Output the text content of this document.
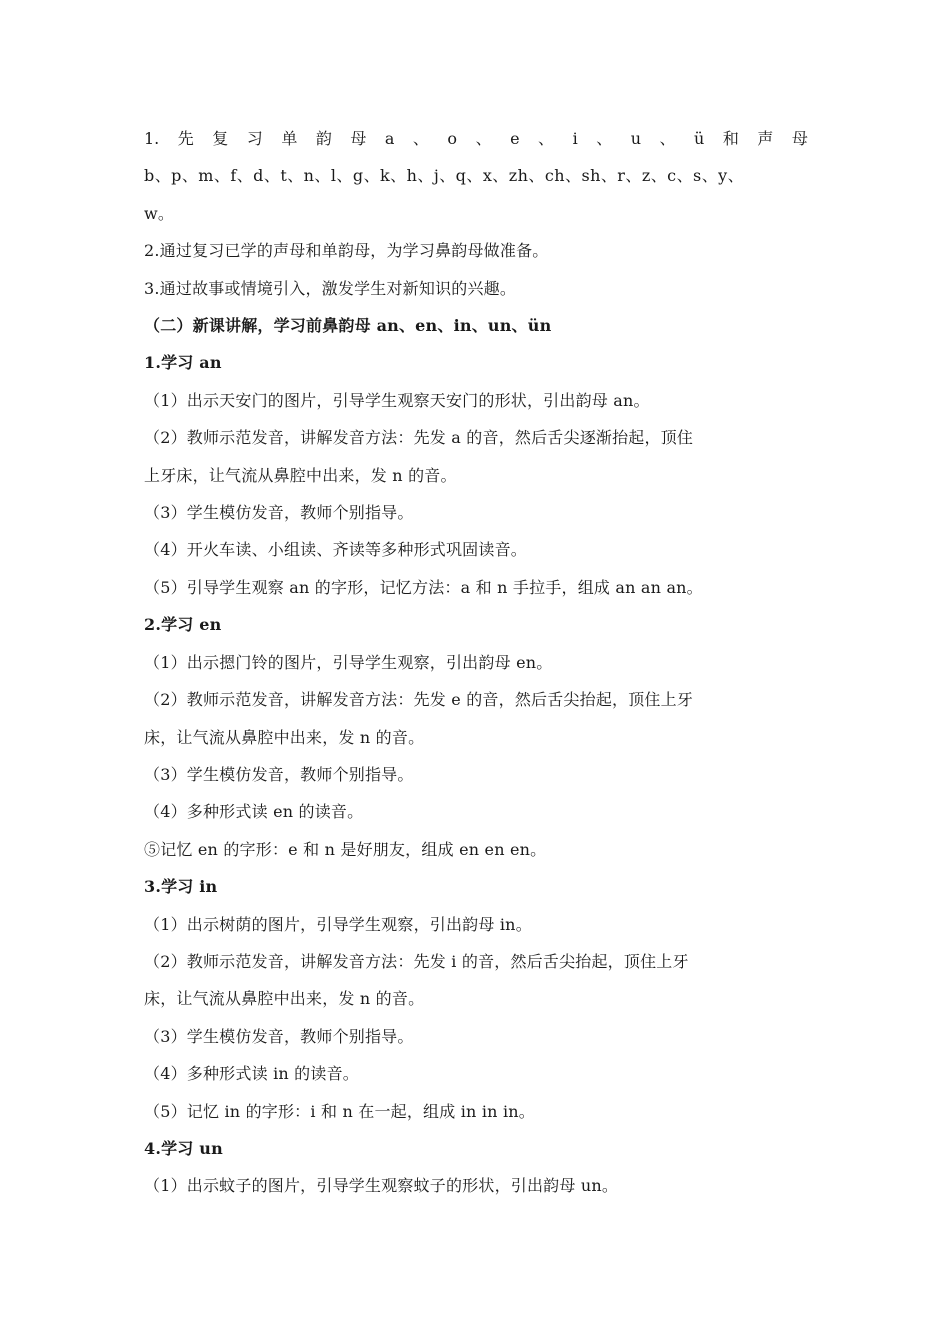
1. 先 复 习 单 韵 母 a 、 o 、 e 、 i 、 u 、 ü 和 声 母
b、p、m、f、d、t、n、l、g、k、h、j、q、x、zh、ch、sh、r、z、c、s、y、
w。
2.通过复习已学的声母和单韵母，为学习鼻韵母做准备。
3.通过故事或情境引入，激发学生对新知识的兴趣。
（二）新课讲解，学习前鼻韵母 an、en、in、un、ün
1.学习 an
（1）出示天安门的图片，引导学生观察天安门的形状，引出韵母 an。
（2）教师示范发音，讲解发音方法：先发 a 的音，然后舌尖逐渐抬起，顶住
上牙床，让气流从鼻腔中出来，发 n 的音。
（3）学生模仿发音，教师个别指导。
（4）开火车读、小组读、齐读等多种形式巩固读音。
（5）引导学生观察 an 的字形，记忆方法：a 和 n 手拉手，组成 an an an。
2.学习 en
（1）出示摁门铃的图片，引导学生观察，引出韵母 en。
（2）教师示范发音，讲解发音方法：先发 e 的音，然后舌尖抬起，顶住上牙
床，让气流从鼻腔中出来，发 n 的音。
（3）学生模仿发音，教师个别指导。
（4）多种形式读 en 的读音。
⑤记忆 en 的字形：e 和 n 是好朋友，组成 en en en。
3.学习 in
（1）出示树荫的图片，引导学生观察，引出韵母 in。
（2）教师示范发音，讲解发音方法：先发 i 的音，然后舌尖抬起，顶住上牙
床，让气流从鼻腔中出来，发 n 的音。
（3）学生模仿发音，教师个别指导。
（4）多种形式读 in 的读音。
（5）记忆 in 的字形：i 和 n 在一起，组成 in in in。
4.学习 un
（1）出示蚊子的图片，引导学生观察蚊子的形状，引出韵母 un。
